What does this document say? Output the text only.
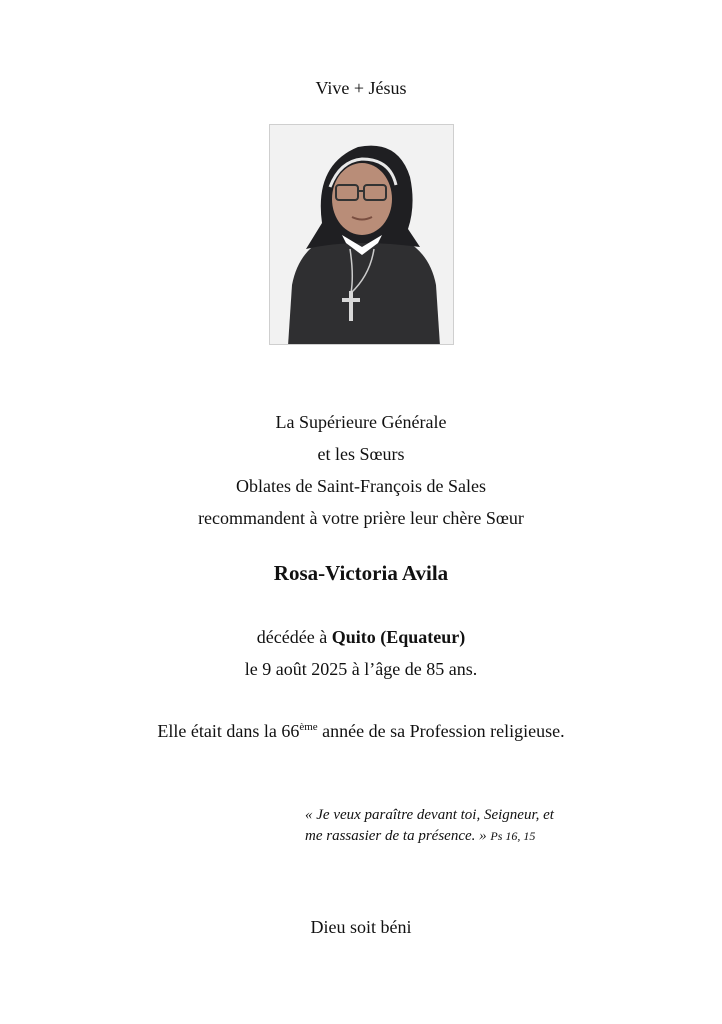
Vive + Jésus
La Supérieure Générale
et les Sœurs
Oblates de Saint-François de Sales
recommandent à votre prière leur chère Sœur
Rosa-Victoria Avila
décédée à Quito (Equateur)
le 9 août 2025 à l’âge de 85 ans.
Elle était dans la 66ème année de sa Profession religieuse.
« Je veux paraître devant toi, Seigneur, et
me rassasier de ta présence. » Ps 16, 15
Dieu soit béni
